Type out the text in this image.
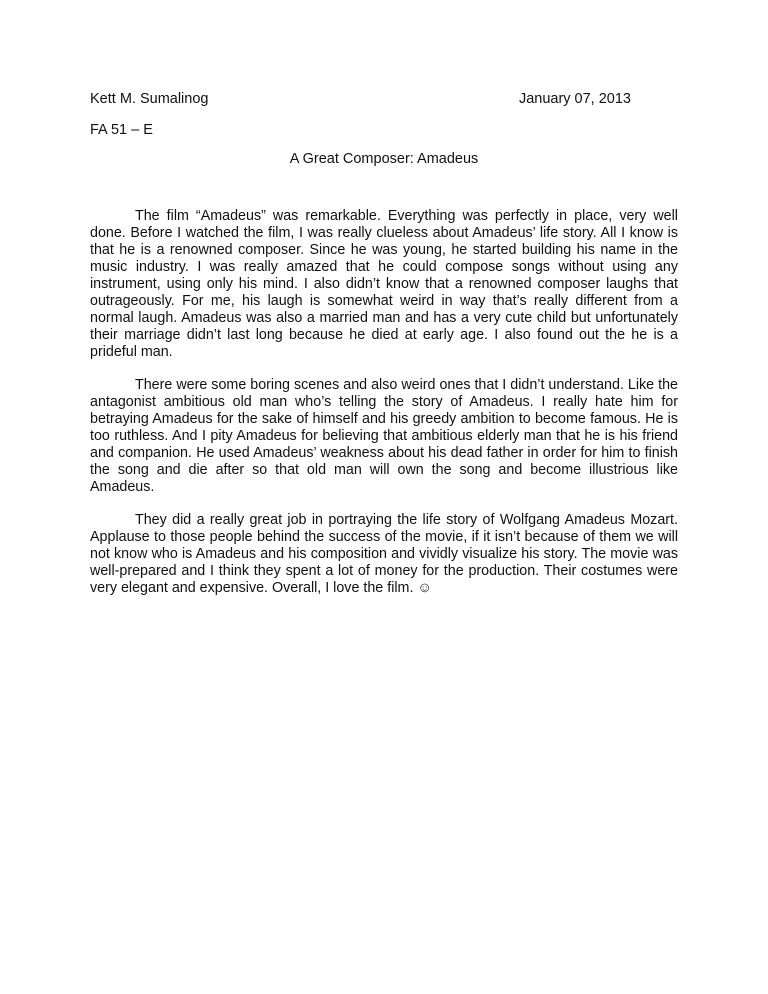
Kett M. Sumalinog	January 07, 2013
FA 51 – E
A Great Composer: Amadeus

The film “Amadeus” was remarkable. Everything was perfectly in place, very well done. Before I watched the film, I was really clueless about Amadeus’ life story. All I know is that he is a renowned composer. Since he was young, he started building his name in the music industry. I was really amazed that he could compose songs without using any instrument, using only his mind. I also didn’t know that a renowned composer laughs that outrageously. For me, his laugh is somewhat weird in way that’s really different from a normal laugh. Amadeus was also a married man and has a very cute child but unfortunately their marriage didn’t last long because he died at early age. I also found out the he is a prideful man.

There were some boring scenes and also weird ones that I didn’t understand. Like the antagonist ambitious old man who’s telling the story of Amadeus. I really hate him for betraying Amadeus for the sake of himself and his greedy ambition to become famous. He is too ruthless. And I pity Amadeus for believing that ambitious elderly man that he is his friend and companion. He used Amadeus’ weakness about his dead father in order for him to finish the song and die after so that old man will own the song and become illustrious like Amadeus.

They did a really great job in portraying the life story of Wolfgang Amadeus Mozart. Applause to those people behind the success of the movie, if it isn’t because of them we will not know who is Amadeus and his composition and vividly visualize his story. The movie was well-prepared and I think they spent a lot of money for the production. Their costumes were very elegant and expensive. Overall, I love the film. ☺
